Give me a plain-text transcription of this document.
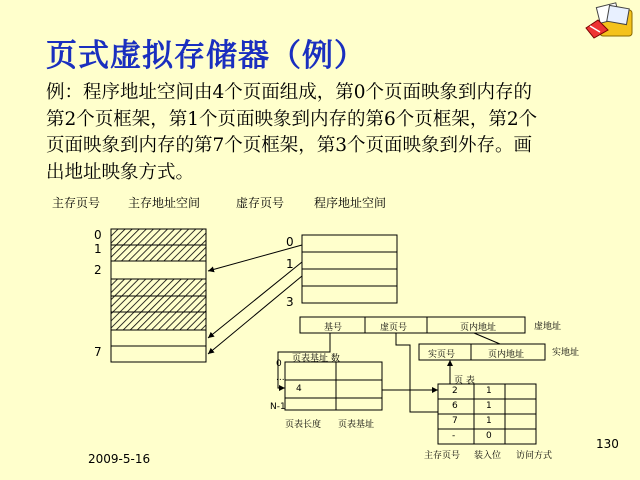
页式虚拟存储器（例）
例：程序地址空间由4个页面组成，第0个页面映象到内存的
第2个页框架，第1个页面映象到内存的第6个页框架，第2个
页面映象到内存的第7个页框架，第3个页面映象到外存。画
出地址映象方式。
主存页号 主存地址空间	虚存页号 程序地址空间
0
1
2
7
0
1
3
基号	虚页号	页内地址	虚地址
实页号	页内地址	实地址
页表基址 数
0
...
N-1
4
页表长度 页表基址
页 表
2	1
6	1
7	1
-	0
主存页号 装入位 访问方式
2009-5-16
130
